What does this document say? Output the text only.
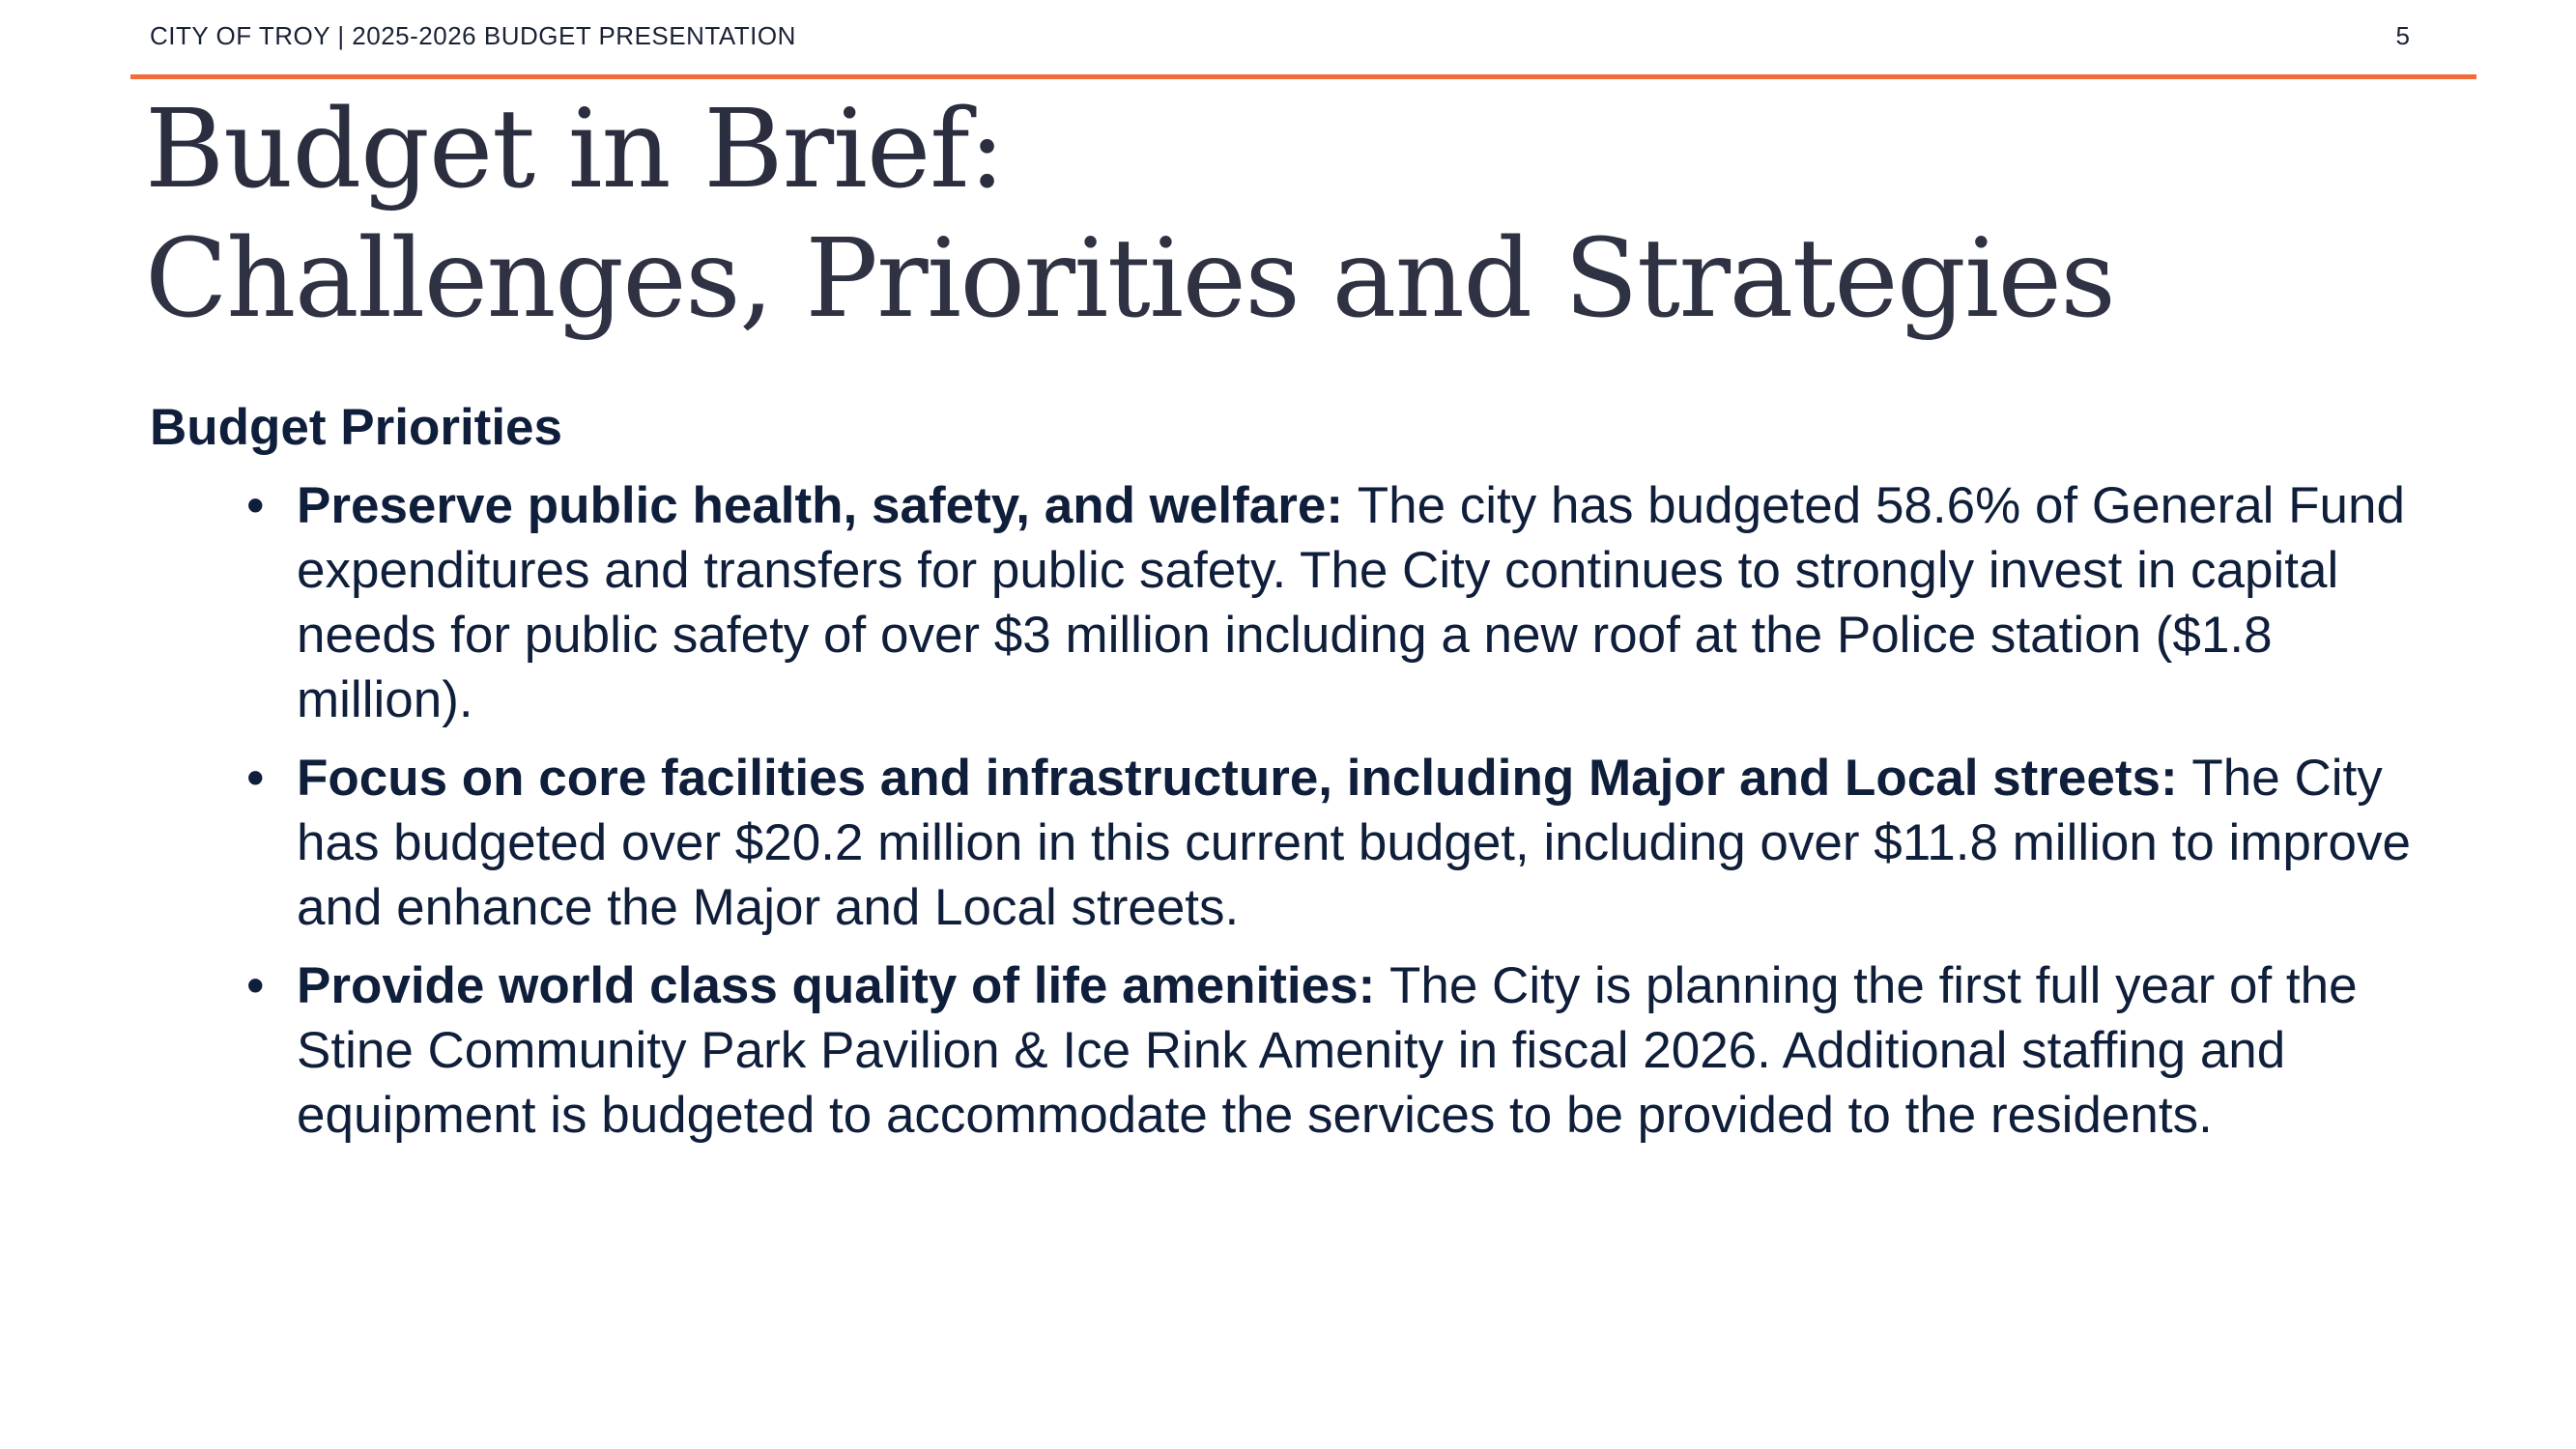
CITY OF TROY | 2025-2026 BUDGET PRESENTATION	5
Budget in Brief:
Challenges, Priorities and Strategies
Budget Priorities
• Preserve public health, safety, and welfare: The city has budgeted 58.6% of General Fund expenditures and transfers for public safety. The City continues to strongly invest in capital needs for public safety of over $3 million including a new roof at the Police station ($1.8 million).
• Focus on core facilities and infrastructure, including Major and Local streets: The City has budgeted over $20.2 million in this current budget, including over $11.8 million to improve and enhance the Major and Local streets.
• Provide world class quality of life amenities: The City is planning the first full year of the Stine Community Park Pavilion & Ice Rink Amenity in fiscal 2026. Additional staffing and equipment is budgeted to accommodate the services to be provided to the residents.
